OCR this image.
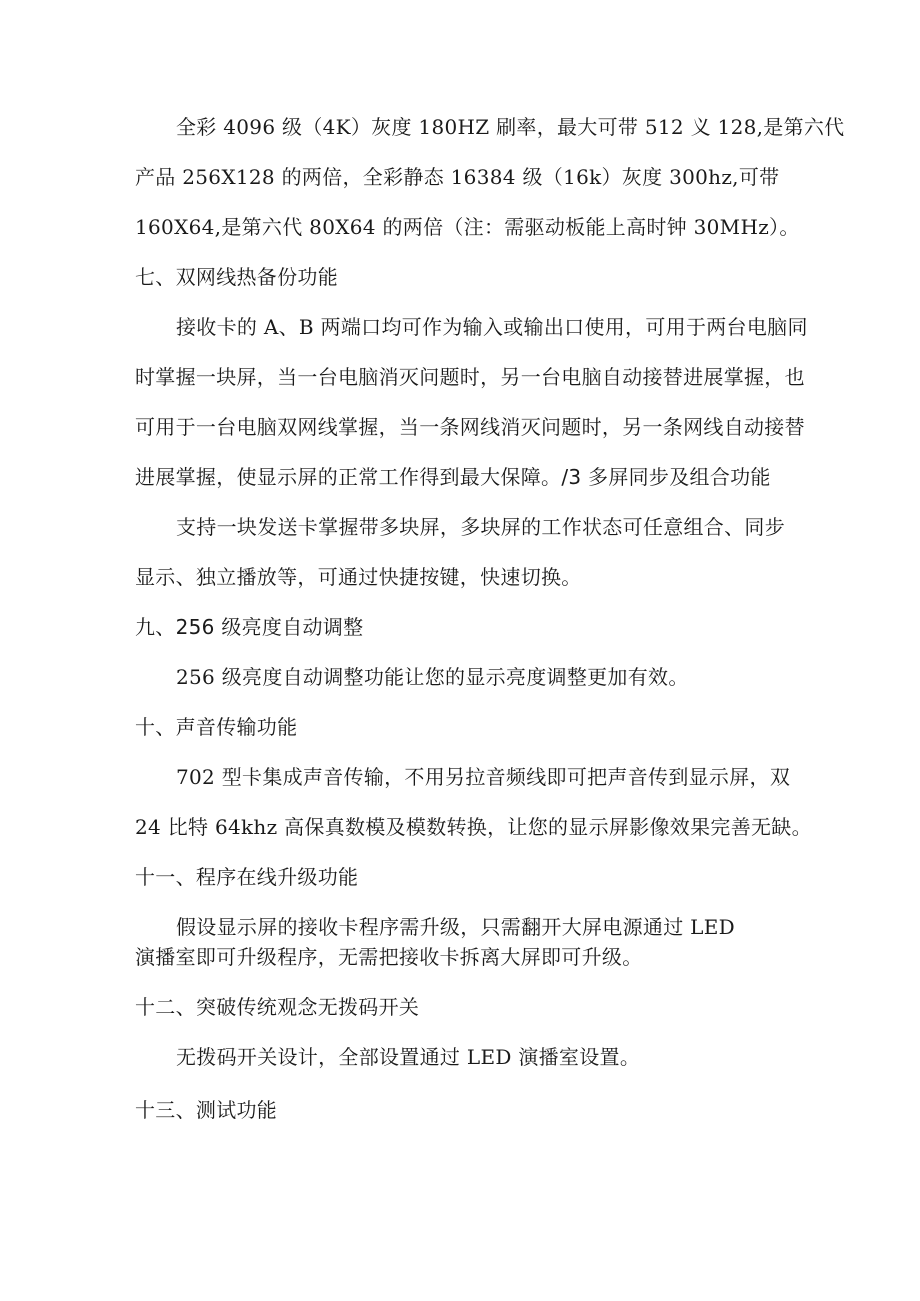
全彩 4096 级（4K）灰度 180HZ 刷率，最大可带 512 义 128,是第六代
产品 256X128 的两倍，全彩静态 16384 级（16k）灰度 300hz,可带
160X64,是第六代 80X64 的两倍（注：需驱动板能上高时钟 30MHz）。
七、双网线热备份功能
接收卡的 A、B 两端口均可作为输入或输出口使用，可用于两台电脑同
时掌握一块屏，当一台电脑消灭问题时，另一台电脑自动接替进展掌握，也
可用于一台电脑双网线掌握，当一条网线消灭问题时，另一条网线自动接替
进展掌握，使显示屏的正常工作得到最大保障。/3 多屏同步及组合功能
支持一块发送卡掌握带多块屏，多块屏的工作状态可任意组合、同步
显示、独立播放等，可通过快捷按键，快速切换。
九、256 级亮度自动调整
256 级亮度自动调整功能让您的显示亮度调整更加有效。
十、声音传输功能
702 型卡集成声音传输，不用另拉音频线即可把声音传到显示屏，双
24 比特 64khz 高保真数模及模数转换，让您的显示屏影像效果完善无缺。
十一、程序在线升级功能
假设显示屏的接收卡程序需升级，只需翻开大屏电源通过 LED
演播室即可升级程序，无需把接收卡拆离大屏即可升级。
十二、突破传统观念无拨码开关
无拨码开关设计，全部设置通过 LED 演播室设置。
十三、测试功能
